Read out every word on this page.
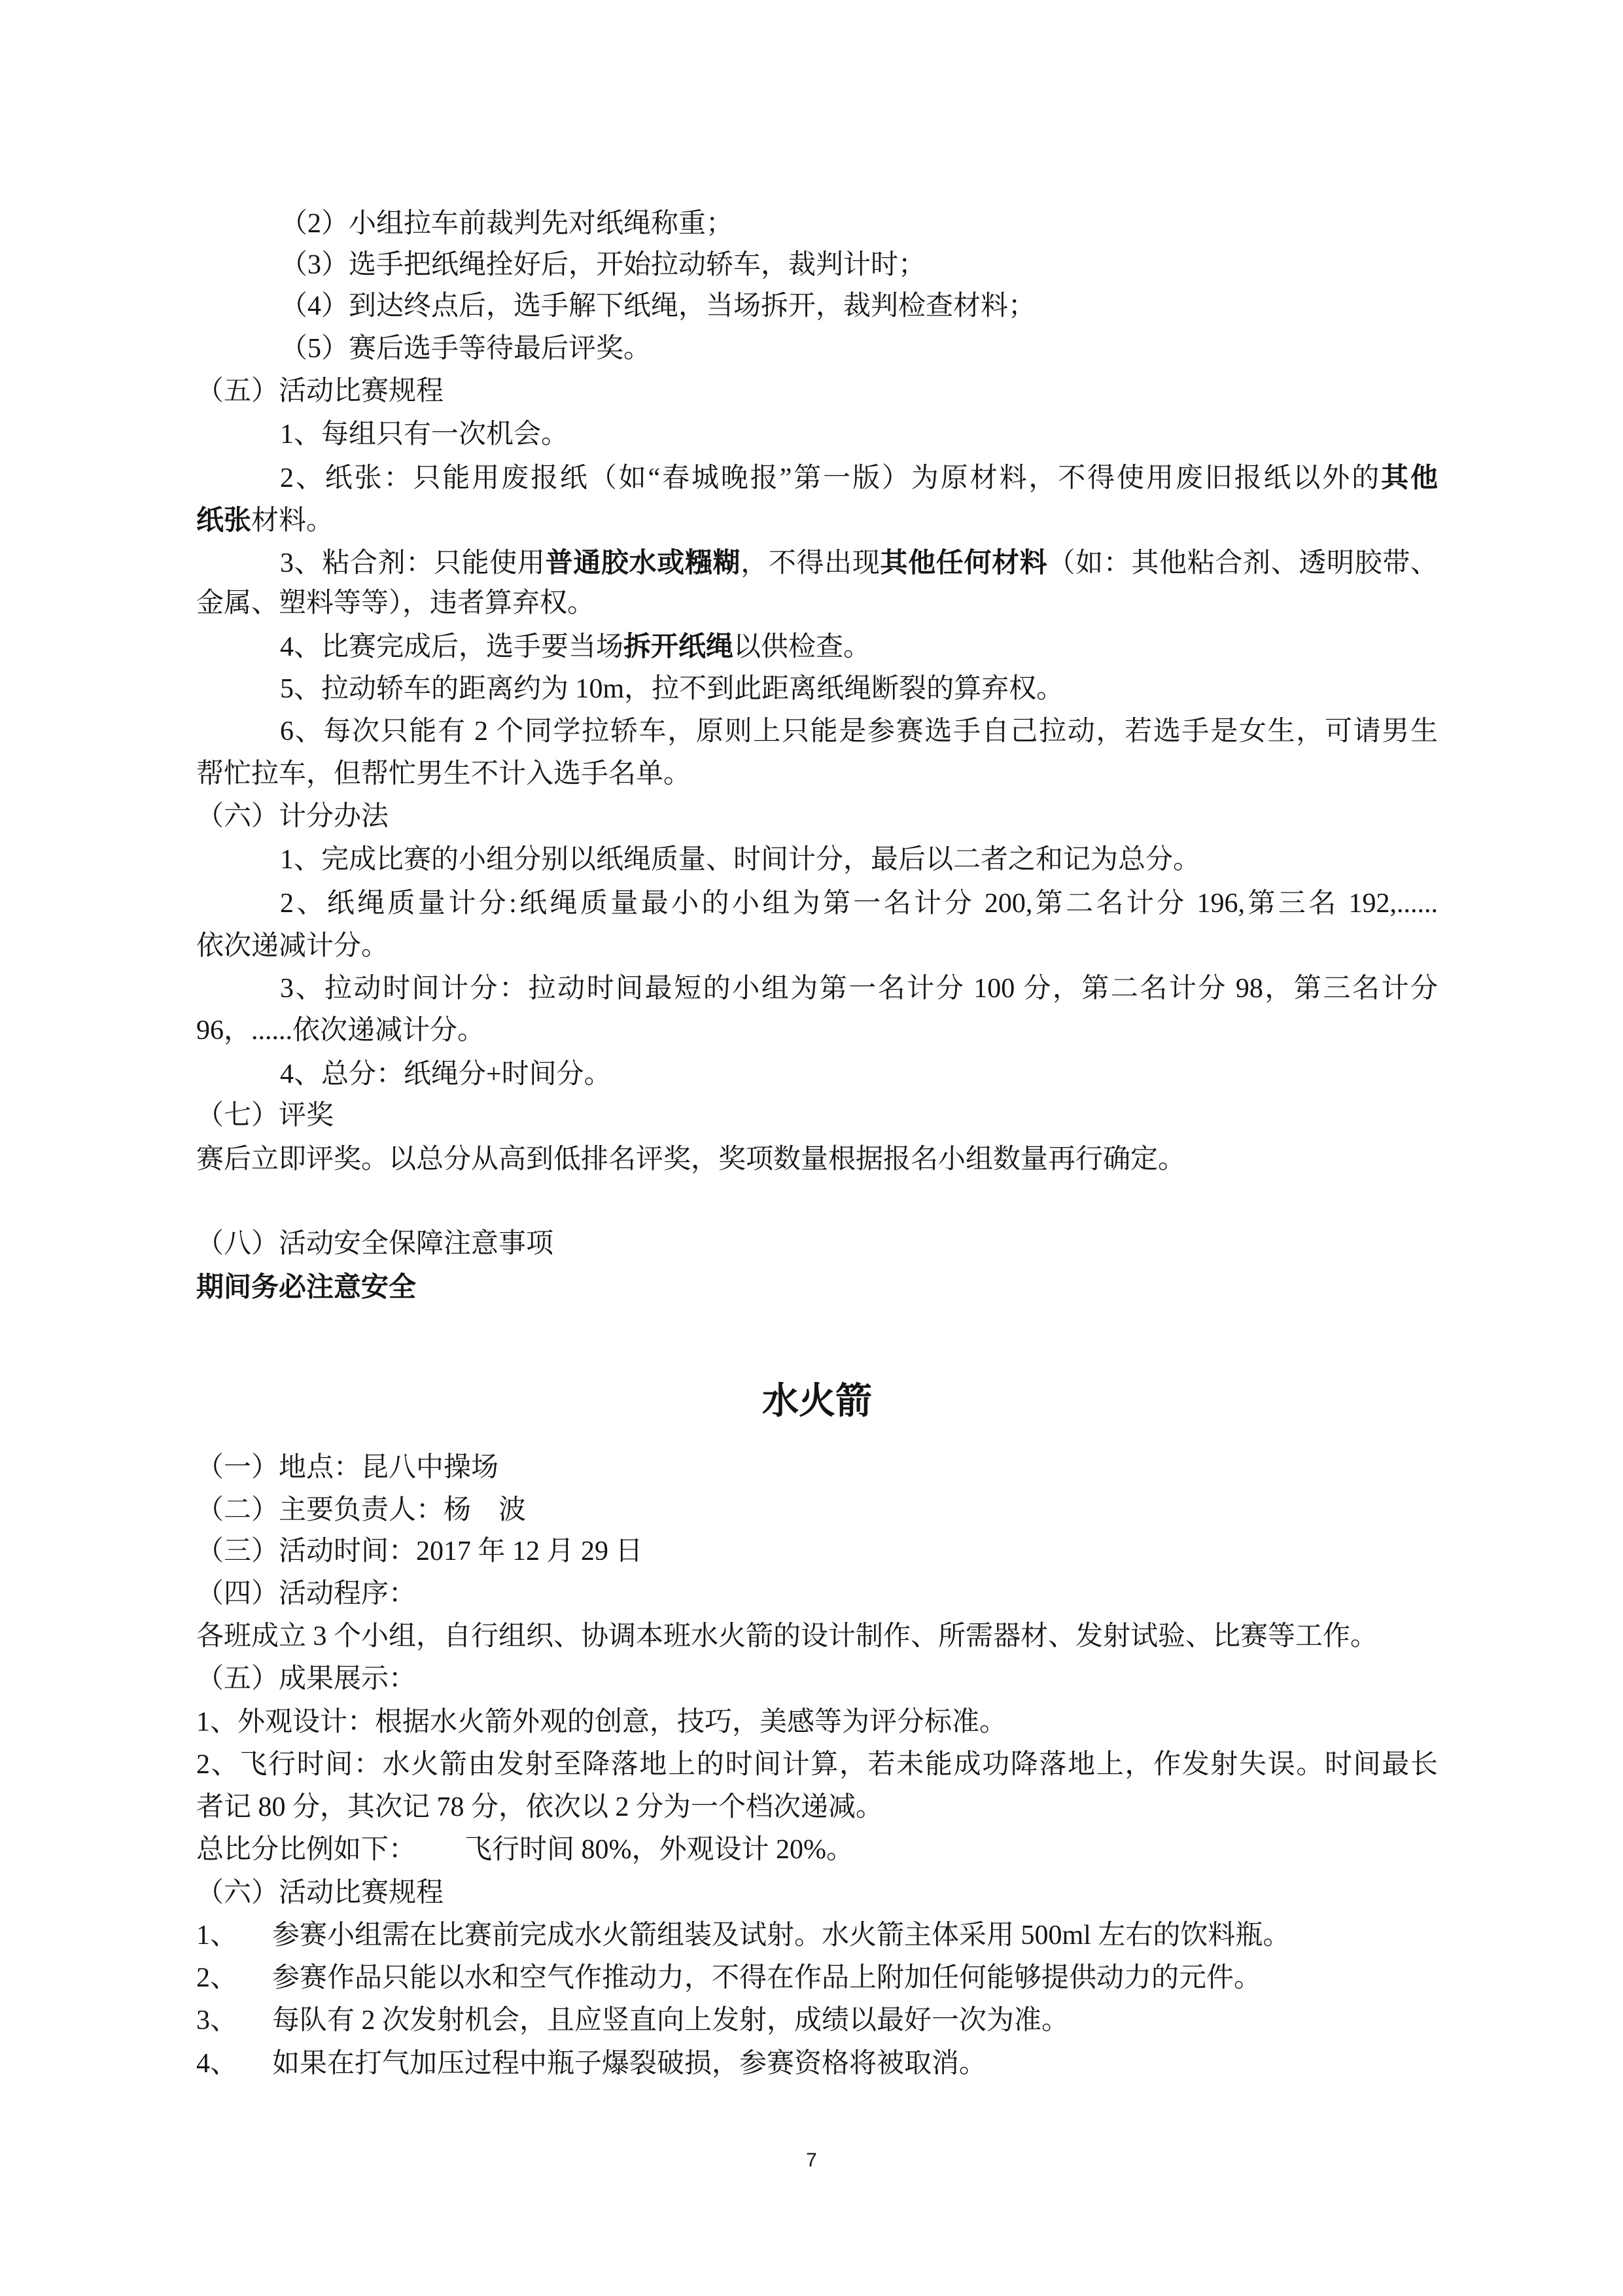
（2）小组拉车前裁判先对纸绳称重；
（3）选手把纸绳拴好后，开始拉动轿车，裁判计时；
（4）到达终点后，选手解下纸绳，当场拆开，裁判检查材料；
（5）赛后选手等待最后评奖。
（五）活动比赛规程
1、每组只有一次机会。
2、纸张：只能用废报纸（如“春城晚报”第一版）为原材料，不得使用废旧报纸以外的其他
纸张材料。
3、粘合剂：只能使用普通胶水或糨糊，不得出现其他任何材料（如：其他粘合剂、透明胶带、
金属、塑料等等），违者算弃权。
4、比赛完成后，选手要当场拆开纸绳以供检查。
5、拉动轿车的距离约为 10m，拉不到此距离纸绳断裂的算弃权。
6、每次只能有 2 个同学拉轿车，原则上只能是参赛选手自己拉动，若选手是女生，可请男生
帮忙拉车，但帮忙男生不计入选手名单。
（六）计分办法
1、完成比赛的小组分别以纸绳质量、时间计分，最后以二者之和记为总分。
2、纸绳质量计分:纸绳质量最小的小组为第一名计分 200,第二名计分 196,第三名 192,......
依次递减计分。
3、拉动时间计分：拉动时间最短的小组为第一名计分 100 分，第二名计分 98，第三名计分
96，......依次递减计分。
4、总分：纸绳分+时间分。
（七）评奖
赛后立即评奖。以总分从高到低排名评奖，奖项数量根据报名小组数量再行确定。
（八）活动安全保障注意事项
期间务必注意安全
水火箭
（一）地点：昆八中操场
（二）主要负责人：杨　波
（三）活动时间：2017 年 12 月 29 日
（四）活动程序：
各班成立 3 个小组，自行组织、协调本班水火箭的设计制作、所需器材、发射试验、比赛等工作。
（五）成果展示：
1、外观设计：根据水火箭外观的创意，技巧，美感等为评分标准。
2、飞行时间：水火箭由发射至降落地上的时间计算，若未能成功降落地上，作发射失误。时间最长
者记 80 分，其次记 78 分，依次以 2 分为一个档次递减。
总比分比例如下：	飞行时间 80%，外观设计 20%。
（六）活动比赛规程
1、	参赛小组需在比赛前完成水火箭组装及试射。水火箭主体采用 500ml 左右的饮料瓶。
2、	参赛作品只能以水和空气作推动力，不得在作品上附加任何能够提供动力的元件。
3、	每队有 2 次发射机会，且应竖直向上发射，成绩以最好一次为准。
4、	如果在打气加压过程中瓶子爆裂破损，参赛资格将被取消。
7
